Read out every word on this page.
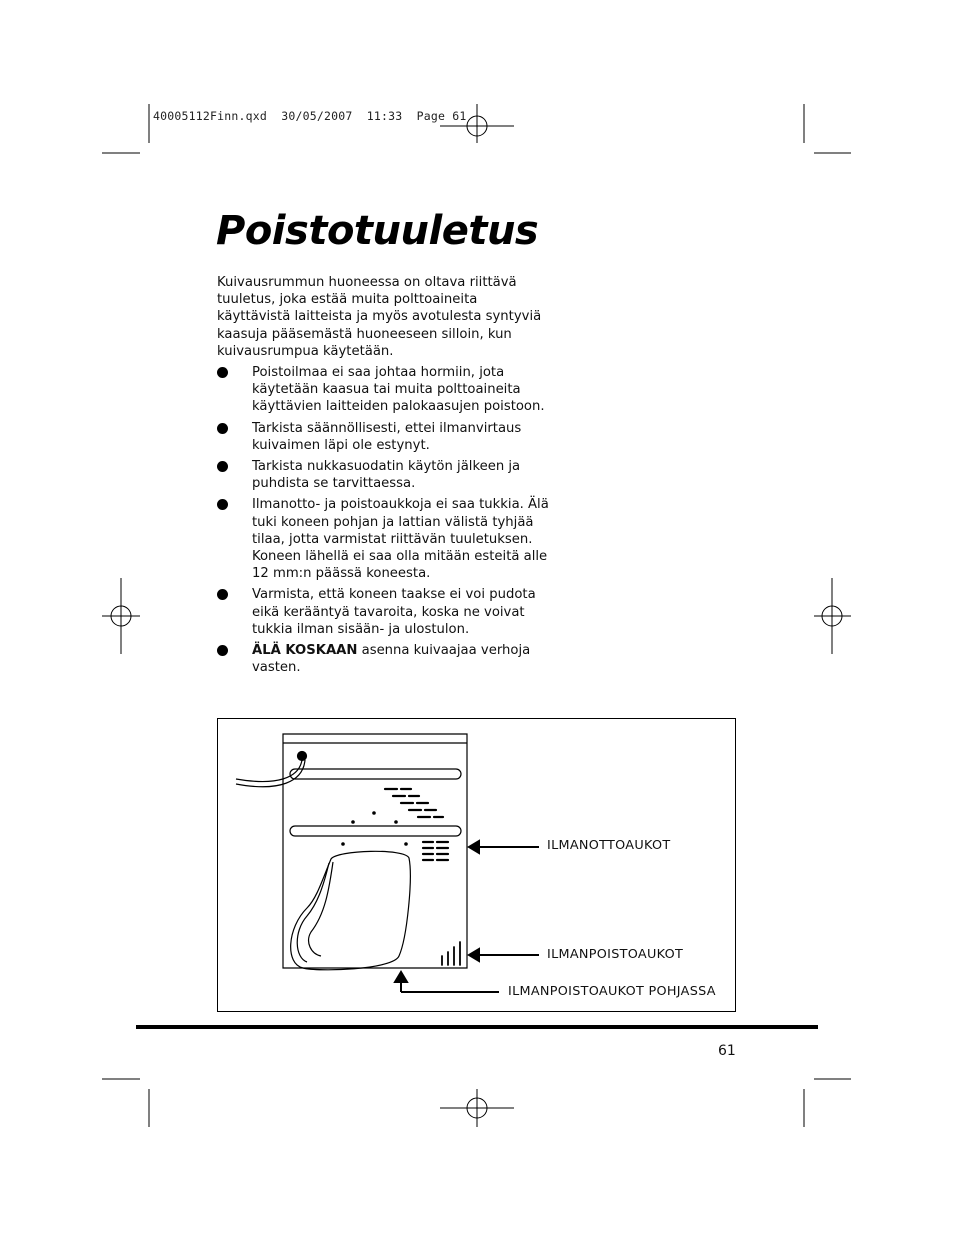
40005112Finn.qxd  30/05/2007  11:33  Page 61
Poistotuuletus

Kuivausrummun huoneessa on oltava riittävä tuuletus, joka estää muita polttoaineita käyttävistä laitteista ja myös avotulesta syntyviä kaasuja pääsemästä huoneeseen silloin, kun kuivausrumpua käytetään.

Poistoilmaa ei saa johtaa hormiin, jota käytetään kaasua tai muita polttoaineita käyttävien laitteiden palokaasujen poistoon.
Tarkista säännöllisesti, ettei ilmanvirtaus kuivaimen läpi ole estynyt.
Tarkista nukkasuodatin käytön jälkeen ja puhdista se tarvittaessa.
Ilmanotto- ja poistoaukkoja ei saa tukkia. Älä tuki koneen pohjan ja lattian välistä tyhjää tilaa, jotta varmistat riittävän tuuletuksen. Koneen lähellä ei saa olla mitään esteitä alle 12 mm:n päässä koneesta.
Varmista, että koneen taakse ei voi pudota eikä kerääntyä tavaroita, koska ne voivat tukkia ilman sisään- ja ulostulon.
ÄLÄ KOSKAAN asenna kuivaajaa verhoja vasten.
ILMANOTTOAUKOT
ILMANPOISTOAUKOT
ILMANPOISTOAUKOT POHJASSA
61
